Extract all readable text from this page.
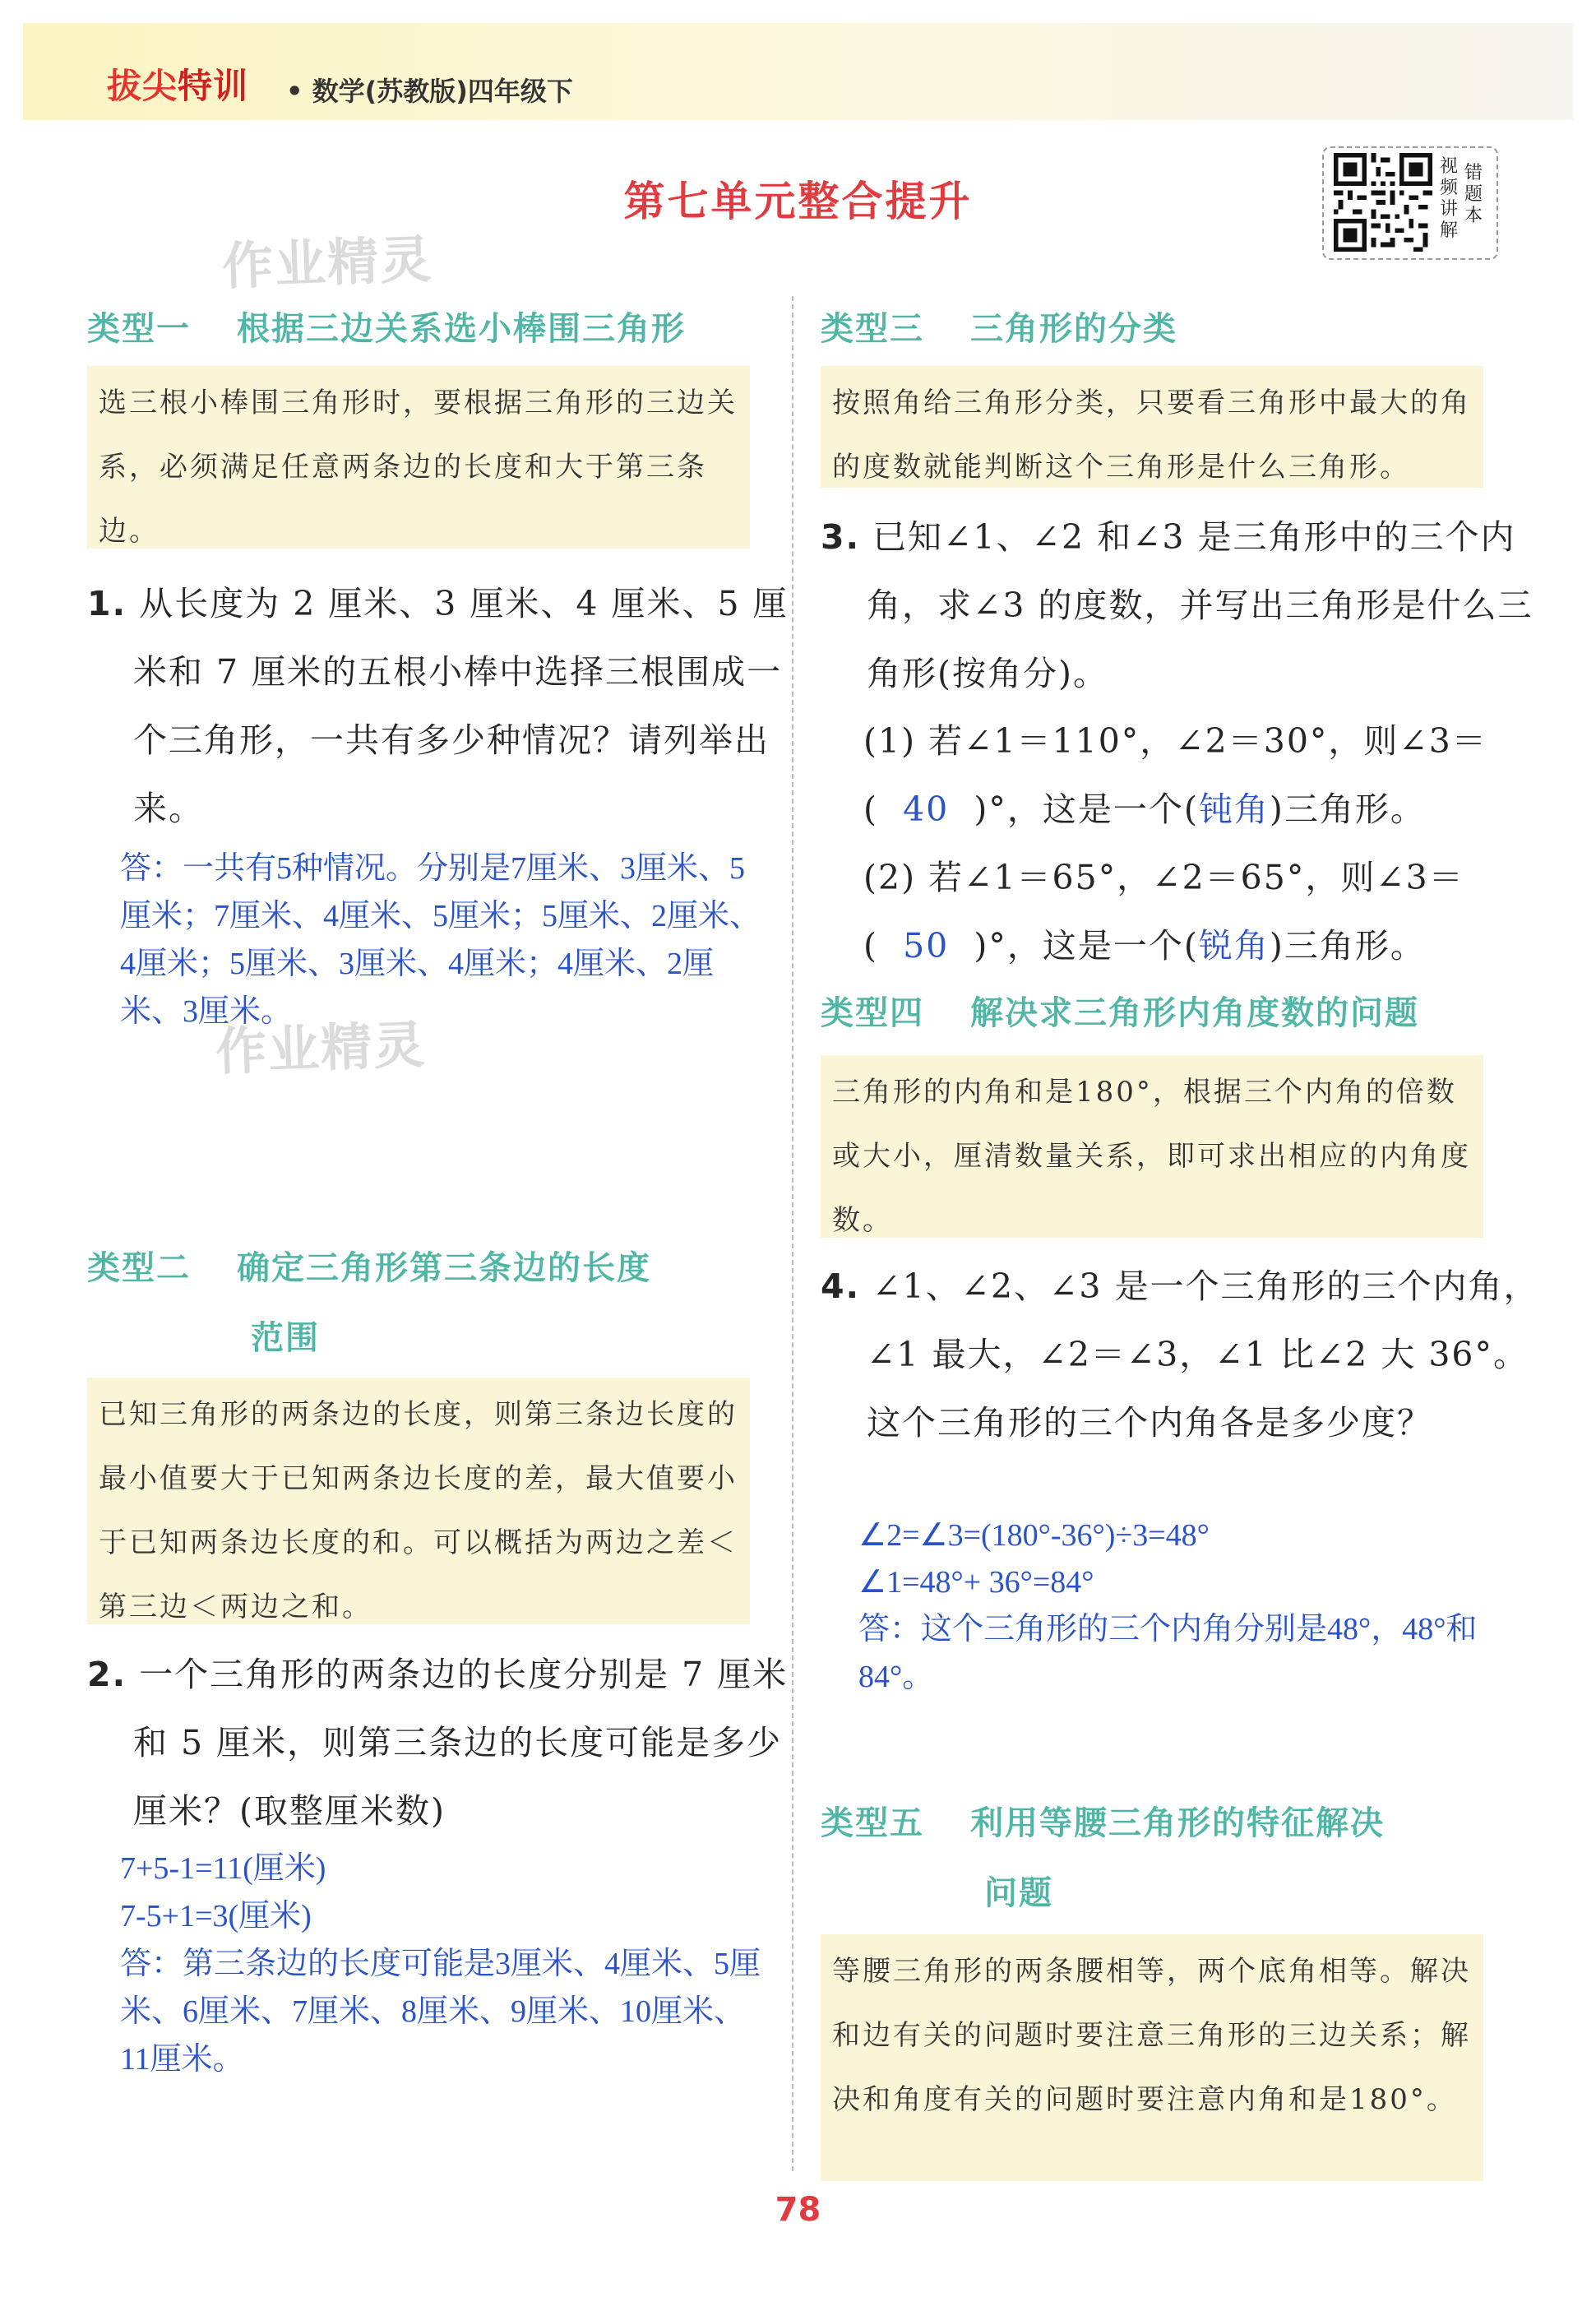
拔尖特训 • 数学(苏教版)四年级下
第七单元整合提升
视频讲解
错题本
作业精灵
作业精灵
类型一 根据三边关系选小棒围三角形
选三根小棒围三角形时，要根据三角形的三边关系，必须满足任意两条边的长度和大于第三条边。
1. 从长度为 2 厘米、3 厘米、4 厘米、5 厘米和 7 厘米的五根小棒中选择三根围成一个三角形，一共有多少种情况？请列举出来。
答：一共有5种情况。分别是7厘米、3厘米、5厘米；7厘米、4厘米、5厘米；5厘米、2厘米、4厘米；5厘米、3厘米、4厘米；4厘米、2厘米、3厘米。
类型二 确定三角形第三条边的长度
范围
已知三角形的两条边的长度，则第三条边长度的最小值要大于已知两条边长度的差，最大值要小于已知两条边长度的和。可以概括为两边之差＜第三边＜两边之和。
2. 一个三角形的两条边的长度分别是 7 厘米和 5 厘米，则第三条边的长度可能是多少厘米？(取整厘米数)
7+5-1=11(厘米)
7-5+1=3(厘米)
答：第三条边的长度可能是3厘米、4厘米、5厘米、6厘米、7厘米、8厘米、9厘米、10厘米、11厘米。
类型三 三角形的分类
按照角给三角形分类，只要看三角形中最大的角的度数就能判断这个三角形是什么三角形。
3. 已知∠1、∠2 和∠3 是三角形中的三个内角，求∠3 的度数，并写出三角形是什么三角形(按角分)。
(1) 若∠1＝110°，∠2＝30°，则∠3＝
( 40 )°，这是一个(钝角)三角形。
(2) 若∠1＝65°，∠2＝65°，则∠3＝
( 50 )°，这是一个(锐角)三角形。
类型四 解决求三角形内角度数的问题
三角形的内角和是180°，根据三个内角的倍数或大小，厘清数量关系，即可求出相应的内角度数。
4. ∠1、∠2、∠3 是一个三角形的三个内角，∠1 最大，∠2＝∠3，∠1 比∠2 大 36°。这个三角形的三个内角各是多少度？
∠2=∠3=(180°-36°)÷3=48°
∠1=48°+ 36°=84°
答：这个三角形的三个内角分别是48°，48°和84°。
类型五 利用等腰三角形的特征解决
问题
等腰三角形的两条腰相等，两个底角相等。解决和边有关的问题时要注意三角形的三边关系；解决和角度有关的问题时要注意内角和是180°。
78
